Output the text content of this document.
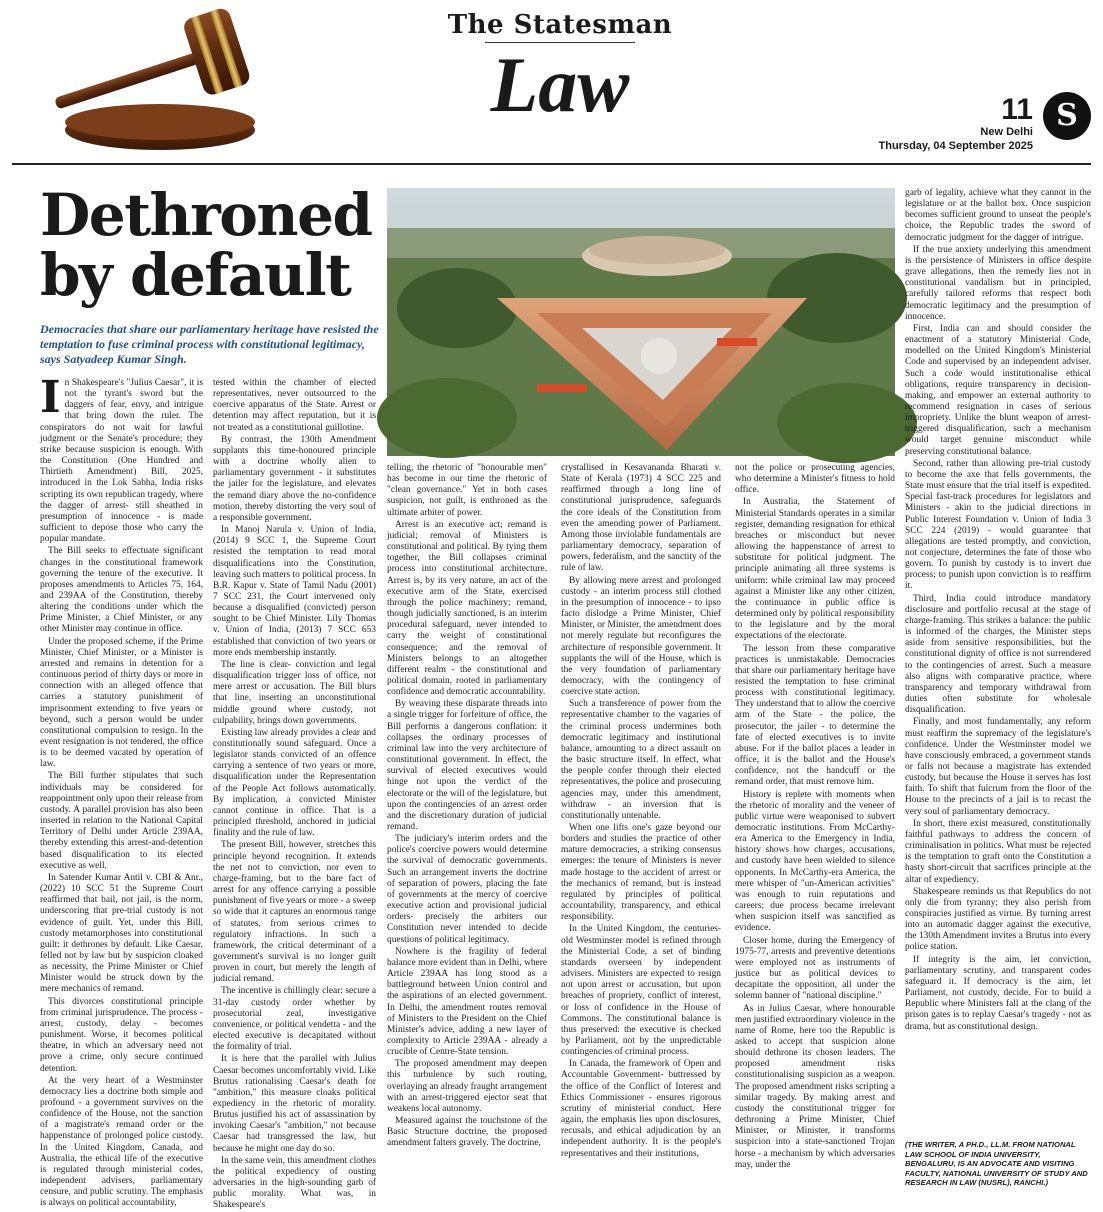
The Statesman
Law	11
New Delhi
Thursday, 04 September 2025
S
Dethroned by default
Democracies that share our parliamentary heritage have resisted the temptation to fuse criminal process with constitutional legitimacy, says Satyadeep Kumar Singh.

In Shakespeare's "Julius Caesar", it is not the tyrant's sword but the daggers of fear, envy, and intrigue that bring down the ruler. The conspirators do not wait for lawful judgment or the Senate's procedure; they strike because suspicion is enough. With the Constitution (One Hundred and Thirtieth Amendment) Bill, 2025, introduced in the Lok Sabha, India risks scripting its own republican tragedy, where the dagger of arrest- still sheathed in presumption of innocence - is made sufficient to depose those who carry the popular mandate.

The Bill seeks to effectuate significant changes in the constitutional framework governing the tenure of the executive. It proposes amendments to Articles 75, 164, and 239AA of the Constitution, thereby altering the conditions under which the Prime Minister, a Chief Minister, or any other Minister may continue in office.

Under the proposed scheme, if the Prime Minister, Chief Minister, or a Minister is arrested and remains in detention for a continuous period of thirty days or more in connection with an alleged offence that carries a statutory punishment of imprisonment extending to five years or beyond, such a person would be under constitutional compulsion to resign. In the event resignation is not tendered, the office is to be deemed vacated by operation of law.

The Bill further stipulates that such individuals may be considered for reappointment only upon their release from custody. A parallel provision has also been inserted in relation to the National Capital Territory of Delhi under Article 239AA, thereby extending this arrest-and-detention based disqualification to its elected executive as well.

In Satender Kumar Antil v. CBI & Anr., (2022) 10 SCC 51 the Supreme Court reaffirmed that bail, not jail, is the norm, underscoring that pre-trial custody is not evidence of guilt. Yet, under this Bill, custody metamorphoses into constitutional guilt: it dethrones by default. Like Caesar, felled not by law but by suspicion cloaked as necessity, the Prime Minister or Chief Minister would be struck down by the mere mechanics of remand.

This divorces constitutional principle from criminal jurisprudence. The process - arrest, custody, delay - becomes punishment. Worse, it becomes political theatre, in which an adversary need not prove a crime, only secure continued detention.

At the very heart of a Westminster democracy lies a doctrine both simple and profound - a government survives on the confidence of the House, not the sanction of a magistrate's remand order or the happenstance of prolonged police custody. In the United Kingdom, Canada, and Australia, the ethical life of the executive is regulated through ministerial codes, independent advisers, parliamentary censure, and public scrutiny. The emphasis is always on political accountability,

tested within the chamber of elected representatives, never outsourced to the coercive apparatus of the State. Arrest or detention may affect reputation, but it is not treated as a constitutional guillotine.

By contrast, the 130th Amendment supplants this time-honoured principle with a doctrine wholly alien to parliamentary government - it substitutes the jailer for the legislature, and elevates the remand diary above the no-confidence motion, thereby distorting the very soul of a responsible government.

In Manoj Narula v. Union of India, (2014) 9 SCC 1, the Supreme Court resisted the temptation to read moral disqualifications into the Constitution, leaving such matters to political process. In B.R. Kapur v. State of Tamil Nadu (2001) 7 SCC 231, the Court intervened only because a disqualified (convicted) person sought to be Chief Minister. Lily Thomas v. Union of India, (2013) 7 SCC 653 established that conviction of two years or more ends membership instantly.

The line is clear- conviction and legal disqualification trigger loss of office, not mere arrest or accusation. The Bill blurs that line, inserting an unconstitutional middle ground where custody, not culpability, brings down governments.

Existing law already provides a clear and constitutionally sound safeguard. Once a legislator stands convicted of an offence carrying a sentence of two years or more, disqualification under the Representation of the People Act follows automatically. By implication, a convicted Minister cannot continue in office. That is a principled threshold, anchored in judicial finality and the rule of law.

The present Bill, however, stretches this principle beyond recognition. It extends the net not to conviction, nor even to charge-framing, but to the bare fact of arrest for any offence carrying a possible punishment of five years or more - a sweep so wide that it captures an enormous range of statutes, from serious crimes to regulatory infractions. In such a framework, the critical determinant of a government's survival is no longer guilt proven in court, but merely the length of judicial remand.

The incentive is chillingly clear: secure a 31-day custody order whether by prosecutorial zeal, investigative convenience, or political vendetta - and the elected executive is decapitated without the formality of trial.

It is here that the parallel with Julius Caesar becomes uncomfortably vivid. Like Brutus rationalising Caesar's death for "ambition," this measure cloaks political expediency in the rhetoric of morality. Brutus justified his act of assassination by invoking Caesar's "ambition," not because Caesar had transgressed the law, but because he might one day do so.

In the same vein, this amendment clothes the political expediency of ousting adversaries in the high-sounding garb of public morality. What was, in Shakespeare's

telling, the rhetoric of "honourable men" has become in our time the rhetoric of "clean governance." Yet in both cases suspicion, not guilt, is enthroned as the ultimate arbiter of power.

Arrest is an executive act; remand is judicial; removal of Ministers is constitutional and political. By tying them together, the Bill collapses criminal process into constitutional architecture. Arrest is, by its very nature, an act of the executive arm of the State, exercised through the police machinery; remand, though judicially sanctioned, is an interim procedural safeguard, never intended to carry the weight of constitutional consequence; and the removal of Ministers belongs to an altogether different realm - the constitutional and political domain, rooted in parliamentary confidence and democratic accountability.

By weaving these disparate threads into a single trigger for forfeiture of office, the Bill performs a dangerous conflation: it collapses the ordinary processes of criminal law into the very architecture of constitutional government. In effect, the survival of elected executives would hinge not upon the verdict of the electorate or the will of the legislature, but upon the contingencies of an arrest order and the discretionary duration of judicial remand.

The judiciary's interim orders and the police's coercive powers would determine the survival of democratic governments. Such an arrangement inverts the doctrine of separation of powers, placing the fate of governments at the mercy of coercive executive action and provisional judicial orders- precisely the arbiters our Constitution never intended to decide questions of political legitimacy.

Nowhere is the fragility of federal balance more evident than in Delhi, where Article 239AA has long stood as a battleground between Union control and the aspirations of an elected government. In Delhi, the amendment routes removal of Ministers to the President on the Chief Minister's advice, adding a new layer of complexity to Article 239AA - already a crucible of Centre-State tension.

The proposed amendment may deepen this turbulence by such routing, overlaying an already fraught arrangement with an arrest-triggered ejector seat that weakens local autonomy.

Measured against the touchstone of the Basic Structure doctrine, the proposed amendment falters gravely. The doctrine,

crystallised in Kesavananda Bharati v. State of Kerala (1973) 4 SCC 225 and reaffirmed through a long line of constitutional jurisprudence, safeguards the core ideals of the Constitution from even the amending power of Parliament. Among those inviolable fundamentals are parliamentary democracy, separation of powers, federalism, and the sanctity of the rule of law.

By allowing mere arrest and prolonged custody - an interim process still clothed in the presumption of innocence - to ipso facto dislodge a Prime Minister, Chief Minister, or Minister, the amendment does not merely regulate but reconfigures the architecture of responsible government. It supplants the will of the House, which is the very foundation of parliamentary democracy, with the contingency of coercive state action.

Such a transference of power from the representative chamber to the vagaries of the criminal process undermines both democratic legitimacy and institutional balance, amounting to a direct assault on the basic structure itself. In effect, what the people confer through their elected representatives, the police and prosecuting agencies may, under this amendment, withdraw - an inversion that is constitutionally untenable.

When one lifts one's gaze beyond our borders and studies the practice of other mature democracies, a striking consensus emerges: the tenure of Ministers is never made hostage to the accident of arrest or the mechanics of remand, but is instead regulated by principles of political accountability, transparency, and ethical responsibility.

In the United Kingdom, the centuries-old Westminster model is refined through the Ministerial Code, a set of binding standards overseen by independent advisers. Ministers are expected to resign not upon arrest or accusation, but upon breaches of propriety, conflict of interest, or loss of confidence in the House of Commons. The constitutional balance is thus preserved: the executive is checked by Parliament, not by the unpredictable contingencies of criminal process.

In Canada, the framework of Open and Accountable Government- buttressed by the office of the Conflict of Interest and Ethics Commissioner - ensures rigorous scrutiny of ministerial conduct. Here again, the emphasis lies upon disclosures, recusals, and ethical adjudication by an independent authority. It is the people's representatives and their institutions,

not the police or prosecuting agencies, who determine a Minister's fitness to hold office.

In Australia, the Statement of Ministerial Standards operates in a similar register, demanding resignation for ethical breaches or misconduct but never allowing the happenstance of arrest to substitute for political judgment. The principle animating all three systems is uniform: while criminal law may proceed against a Minister like any other citizen, the continuance in public office is determined only by political responsibility to the legislature and by the moral expectations of the electorate.

The lesson from these comparative practices is unmistakable. Democracies that share our parliamentary heritage have resisted the temptation to fuse criminal process with constitutional legitimacy. They understand that to allow the coercive arm of the State - the police, the prosecutor, the jailer - to determine the fate of elected executives is to invite abuse. For if the ballot places a leader in office, it is the ballot and the House's confidence, not the handcuff or the remand order, that must remove him.

History is replete with moments when the rhetoric of morality and the veneer of public virtue were weaponised to subvert democratic institutions. From McCarthy-era America to the Emergency in India, history shows how charges, accusations, and custody have been wielded to silence opponents. In McCarthy-era America, the mere whisper of "un-American activities" was enough to ruin reputations and careers; due process became irrelevant when suspicion itself was sanctified as evidence.

Closer home, during the Emergency of 1975-77, arrests and preventive detentions were employed not as instruments of justice but as political devices to decapitate the opposition, all under the solemn banner of "national discipline."

As in Julius Caesar, where honourable men justified extraordinary violence in the name of Rome, here too the Republic is asked to accept that suspicion alone should dethrone its chosen leaders. The proposed amendment risks constitutionalising suspicion as a weapon. The proposed amendment risks scripting a similar tragedy. By making arrest and custody the constitutional trigger for dethroning a Prime Minister, Chief Minister, or Minister, it transforms suspicion into a state-sanctioned Trojan horse - a mechanism by which adversaries may, under the

garb of legality, achieve what they cannot in the legislature or at the ballot box. Once suspicion becomes sufficient ground to unseat the people's choice, the Republic trades the sword of democratic judgment for the dagger of intrigue.

If the true anxiety underlying this amendment is the persistence of Ministers in office despite grave allegations, then the remedy lies not in constitutional vandalism but in principled, carefully tailored reforms that respect both democratic legitimacy and the presumption of innocence.

First, India can and should consider the enactment of a statutory Ministerial Code, modelled on the United Kingdom's Ministerial Code and supervised by an independent adviser. Such a code would institutionalise ethical obligations, require transparency in decision-making, and empower an external authority to recommend resignation in cases of serious impropriety. Unlike the blunt weapon of arrest-triggered disqualification, such a mechanism would target genuine misconduct while preserving constitutional balance.

Second, rather than allowing pre-trial custody to become the axe that fells governments, the State must ensure that the trial itself is expedited. Special fast-track procedures for legislators and Ministers - akin to the judicial directions in Public Interest Foundation v. Union of India 3 SCC 224 (2019) - would guarantee that allegations are tested promptly, and conviction, not conjecture, determines the fate of those who govern. To punish by custody is to invert due process; to punish upon conviction is to reaffirm it.

Third, India could introduce mandatory disclosure and portfolio recusal at the stage of charge-framing. This strikes a balance: the public is informed of the charges, the Minister steps aside from sensitive responsibilities, but the constitutional dignity of office is not surrendered to the contingencies of arrest. Such a measure also aligns with comparative practice, where transparency and temporary withdrawal from duties often substitute for wholesale disqualification.

Finally, and most fundamentally, any reform must reaffirm the supremacy of the legislature's confidence. Under the Westminster model we have consciously embraced, a government stands or falls not because a magistrate has extended custody, but because the House it serves has lost faith. To shift that fulcrum from the floor of the House to the precincts of a jail is to recast the very soul of parliamentary democracy.

In short, there exist measured, constitutionally faithful pathways to address the concern of criminalisation in politics. What must be rejected is the temptation to graft onto the Constitution a hasty short-circuit that sacrifices principle at the altar of expediency.

Shakespeare reminds us that Republics do not only die from tyranny; they also perish from conspiracies justified as virtue. By turning arrest into an automatic dagger against the executive, the 130th Amendment invites a Brutus into every police station.

If integrity is the aim, let conviction, parliamentary scrutiny, and transparent codes safeguard it. If democracy is the aim, let Parliament, not custody, decide. For to build a Republic where Ministers fall at the clang of the prison gates is to replay Caesar's tragedy - not as drama, but as constitutional design.

(THE WRITER, A PH.D., LL.M. FROM NATIONAL LAW SCHOOL OF INDIA UNIVERSITY, BENGALURU, IS AN ADVOCATE AND VISITING FACULTY, NATIONAL UNIVERSITY OF STUDY AND RESEARCH IN LAW (NUSRL), RANCHI.)
